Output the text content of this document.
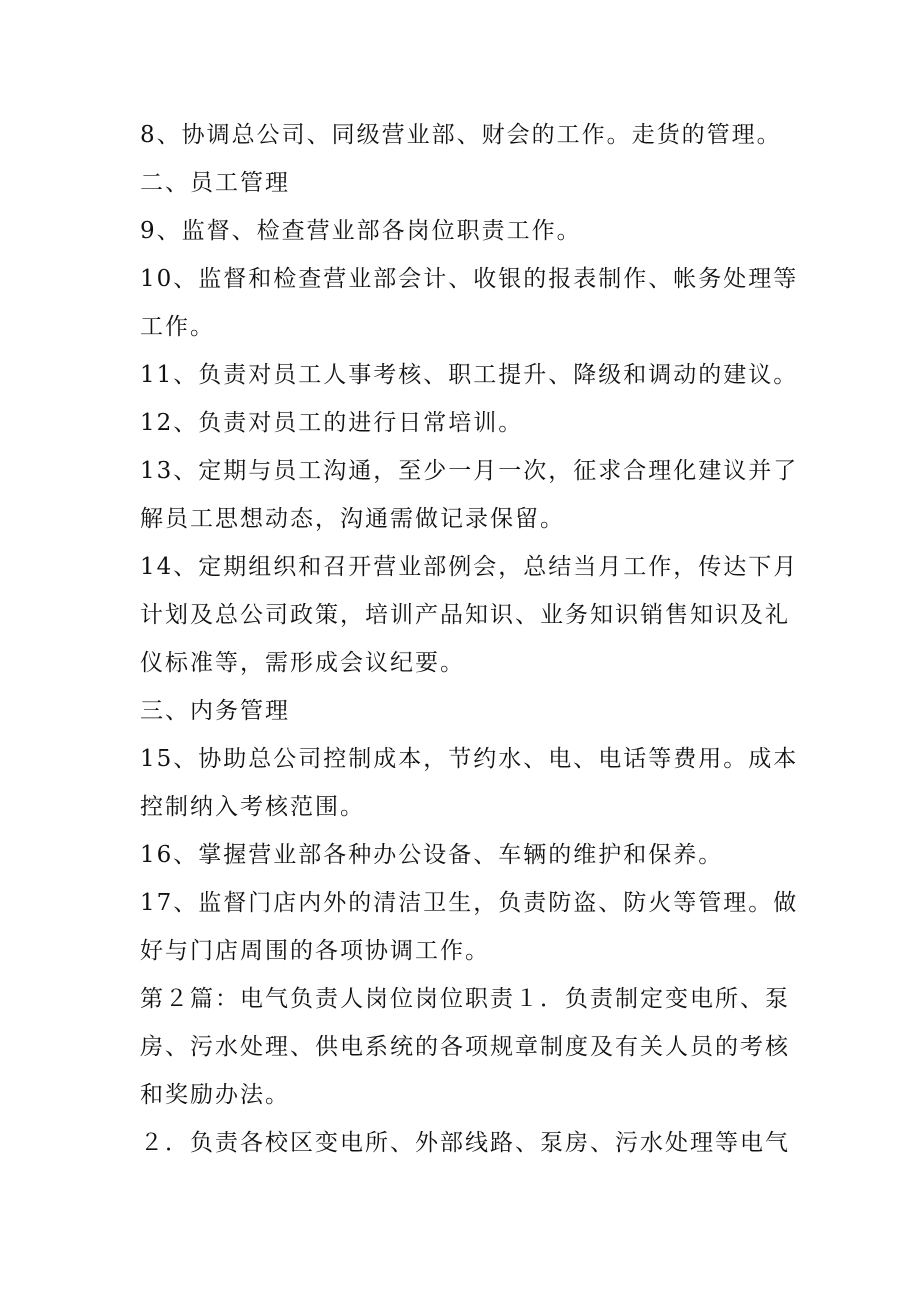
8、协调总公司、同级营业部、财会的工作。走货的管理。
二、员工管理
9、监督、检查营业部各岗位职责工作。
10、监督和检查营业部会计、收银的报表制作、帐务处理等
工作。
11、负责对员工人事考核、职工提升、降级和调动的建议。
12、负责对员工的进行日常培训。
13、定期与员工沟通，至少一月一次，征求合理化建议并了
解员工思想动态，沟通需做记录保留。
14、定期组织和召开营业部例会，总结当月工作，传达下月
计划及总公司政策，培训产品知识、业务知识销售知识及礼
仪标准等，需形成会议纪要。
三、内务管理
15、协助总公司控制成本，节约水、电、电话等费用。成本
控制纳入考核范围。
16、掌握营业部各种办公设备、车辆的维护和保养。
17、监督门店内外的清洁卫生，负责防盗、防火等管理。做
好与门店周围的各项协调工作。
第２篇：电气负责人岗位岗位职责１．负责制定变电所、泵
房、污水处理、供电系统的各项规章制度及有关人员的考核
和奖励办法。
２．负责各校区变电所、外部线路、泵房、污水处理等电气
